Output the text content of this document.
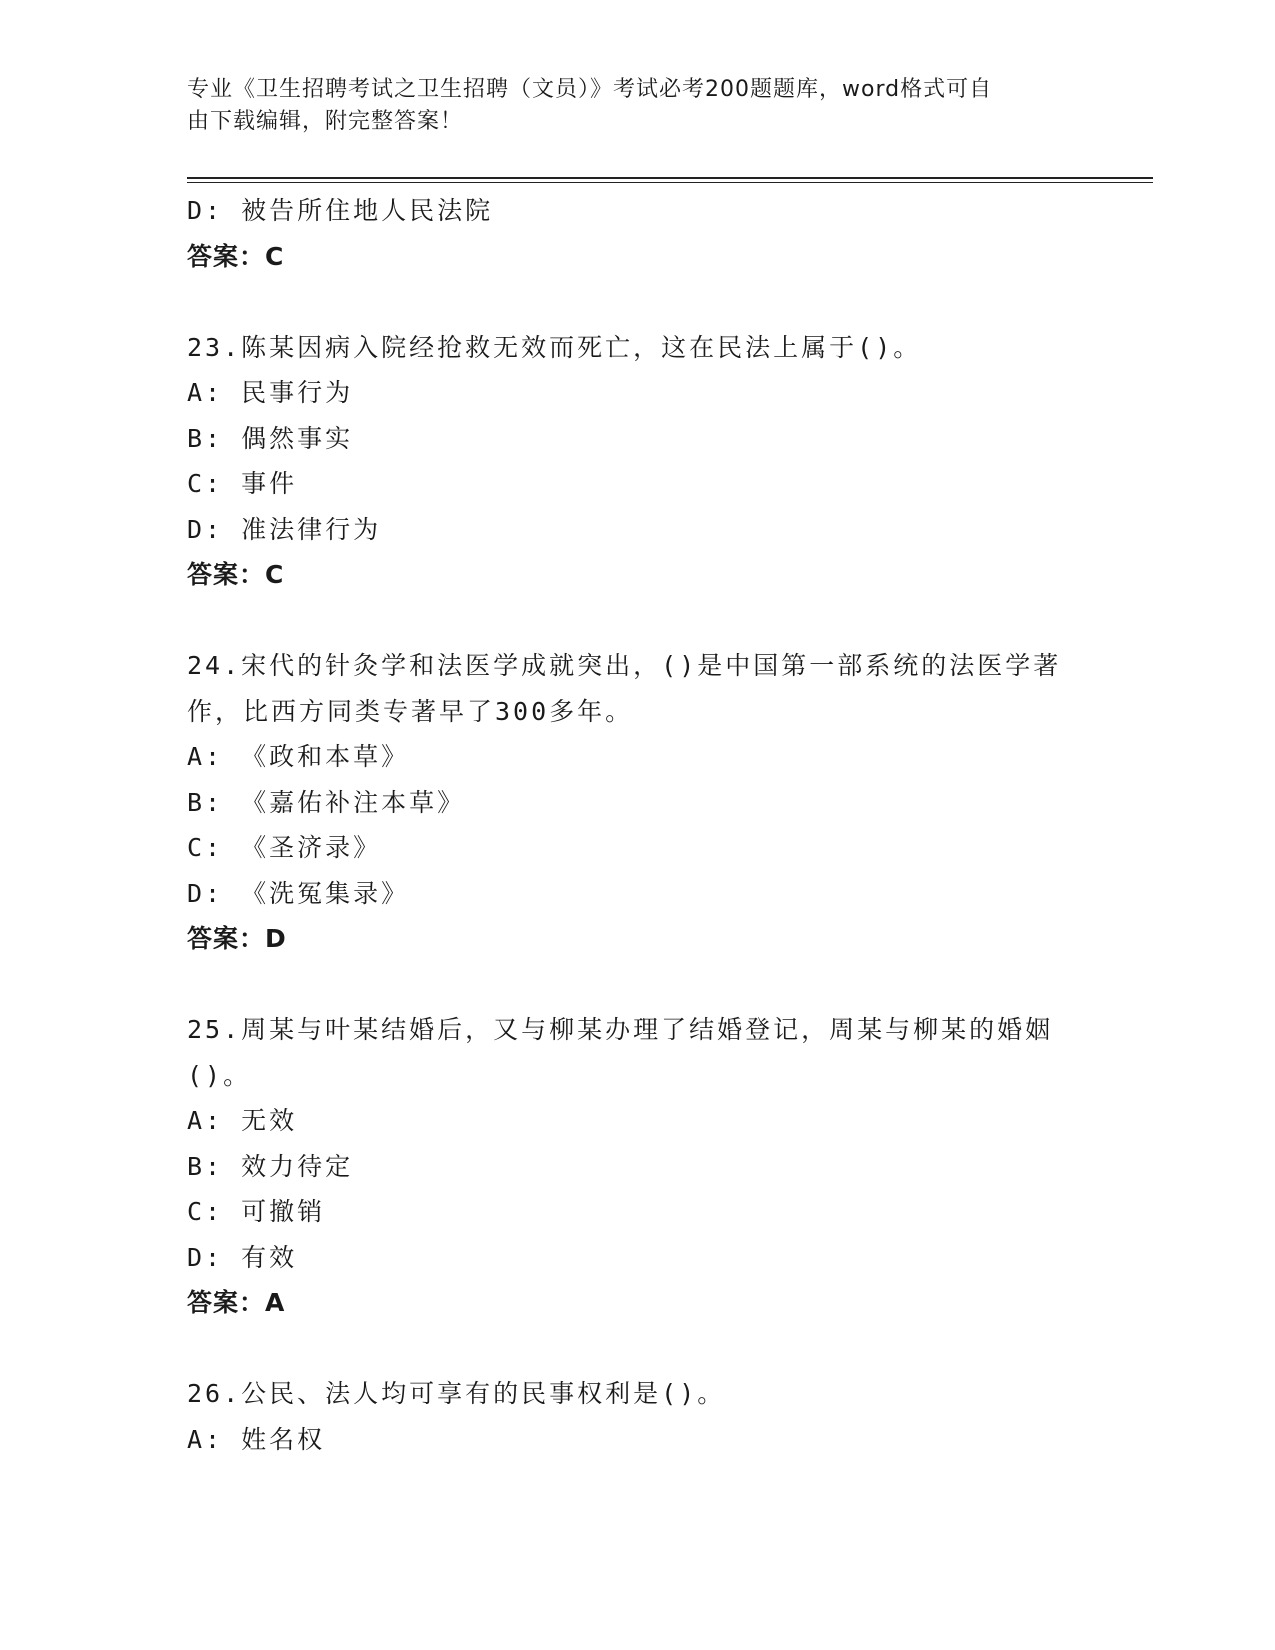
专业《卫生招聘考试之卫生招聘（文员）》考试必考200题题库，word格式可自
由下载编辑，附完整答案！
D: 被告所住地人民法院
答案：C
23.陈某因病入院经抢救无效而死亡，这在民法上属于()。
A: 民事行为
B: 偶然事实
C: 事件
D: 准法律行为
答案：C
24.宋代的针灸学和法医学成就突出，()是中国第一部系统的法医学著
作，比西方同类专著早了300多年。
A: 《政和本草》
B: 《嘉佑补注本草》
C: 《圣济录》
D: 《洗冤集录》
答案：D
25.周某与叶某结婚后，又与柳某办理了结婚登记，周某与柳某的婚姻
()。
A: 无效
B: 效力待定
C: 可撤销
D: 有效
答案：A
26.公民、法人均可享有的民事权利是()。
A: 姓名权
